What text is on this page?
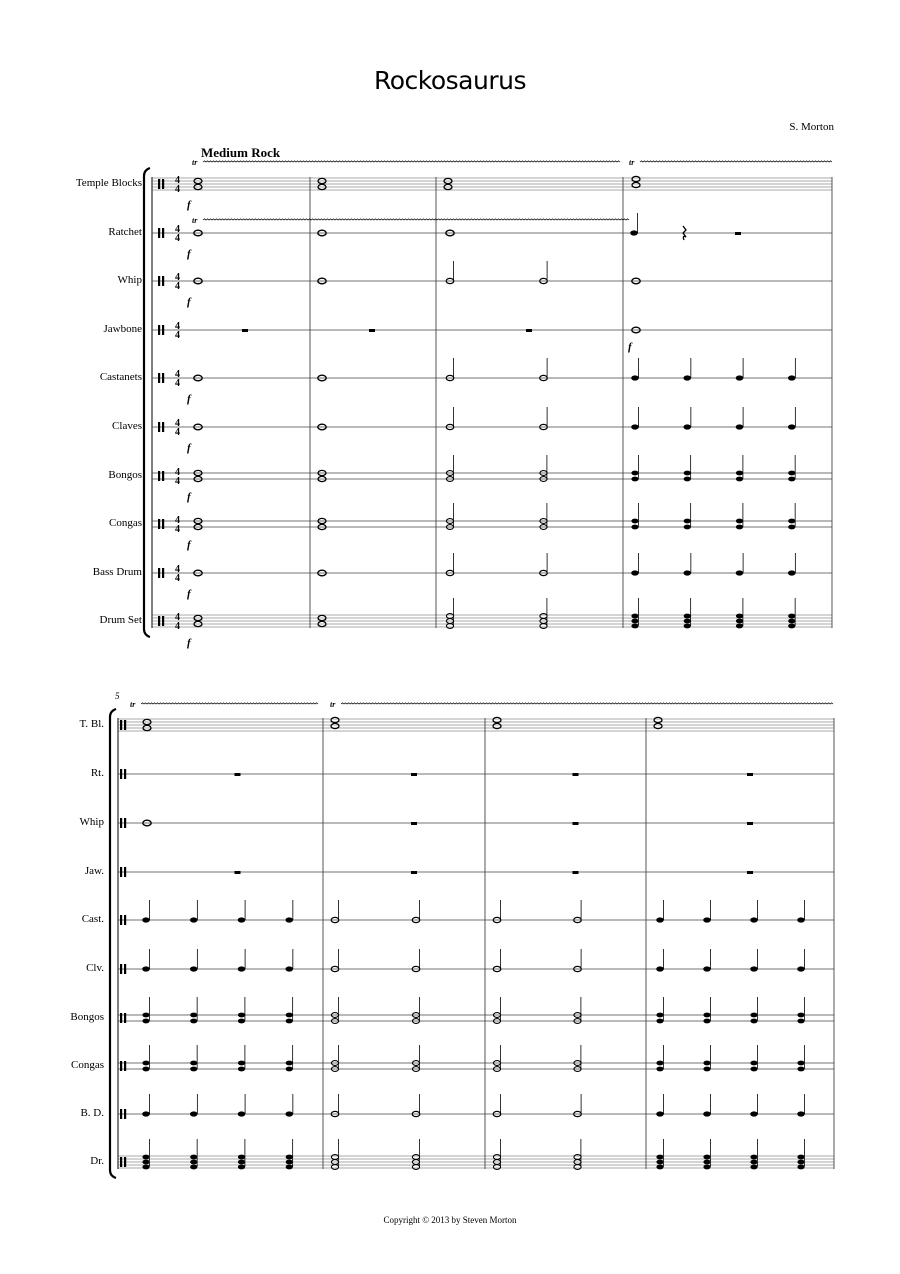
Rockosaurus
S. Morton
Medium Rock
Temple Blocks
Ratchet
Whip
Jawbone
Castanets
Claves
Bongos
Congas
Bass Drum
Drum Set
T. Bl.
Rt.
Whip
Jaw.
Cast.
Clv.
Bongos
Congas
B. D.
Dr.
5
4
4
4
4
4
4
4
4
4
4
4
4
4
4
4
4
4
4
4
4
tr	tr
tr
f
f
f
f
f
f
f
f
f
f
tr	tr
Copyright © 2013 by Steven Morton
